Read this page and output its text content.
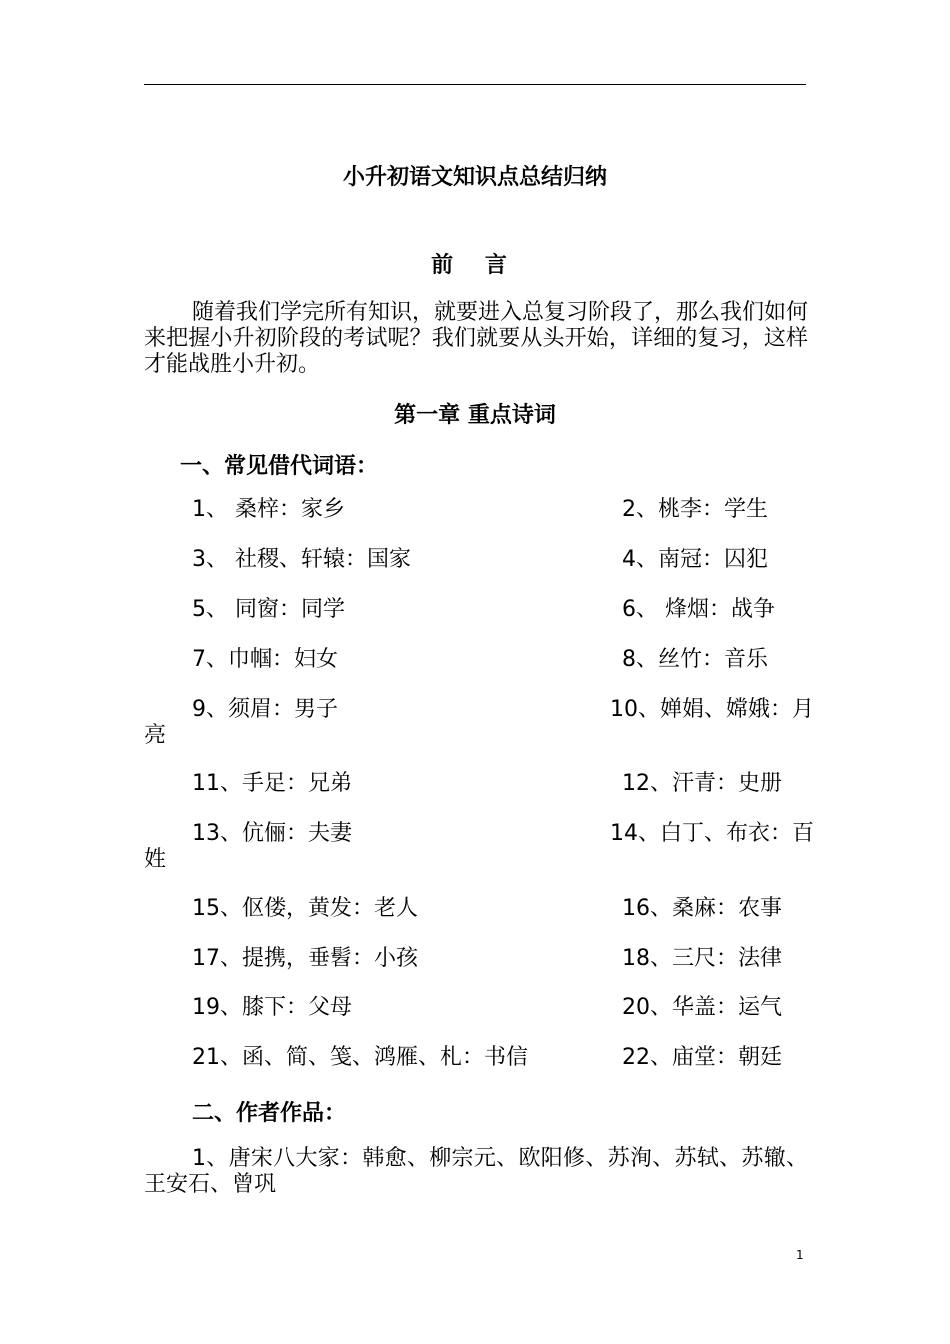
小升初语文知识点总结归纳
前 言
随着我们学完所有知识，就要进入总复习阶段了，那么我们如何来把握小升初阶段的考试呢？我们就要从头开始，详细的复习，这样才能战胜小升初。
第一章 重点诗词
一、常见借代词语：
1、 桑梓：家乡	2、桃李：学生
3、 社稷、轩辕：国家	4、南冠：囚犯
5、 同窗：同学	6、 烽烟：战争
7、巾帼：妇女	8、丝竹：音乐
9、须眉：男子	10、婵娟、嫦娥：月
亮
11、手足：兄弟	12、汗青：史册
13、伉俪：夫妻	14、白丁、布衣：百
姓
15、伛偻，黄发：老人	16、桑麻：农事
17、提携，垂髫：小孩	18、三尺：法律
19、膝下：父母	20、华盖：运气
21、函、简、笺、鸿雁、札：书信	22、庙堂：朝廷
二、作者作品：
1、唐宋八大家：韩愈、柳宗元、欧阳修、苏洵、苏轼、苏辙、王安石、曾巩
1
